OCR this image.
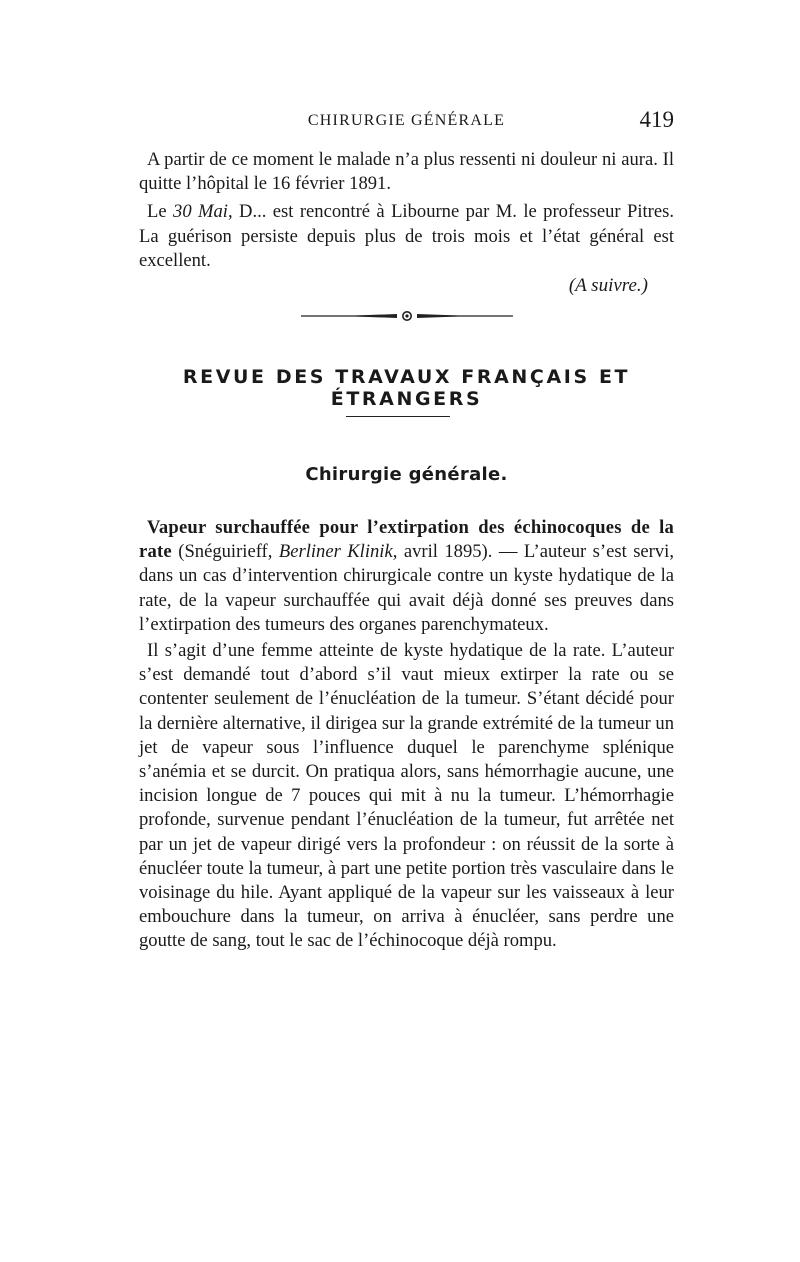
CHIRURGIE GÉNÉRALE	419

A partir de ce moment le malade n’a plus ressenti ni douleur ni aura. Il quitte l’hôpital le 16 février 1891.

Le 30 Mai, D... est rencontré à Libourne par M. le professeur Pitres. La guérison persiste depuis plus de trois mois et l’état général est excellent.

(A suivre.)

REVUE DES TRAVAUX FRANÇAIS ET ÉTRANGERS
Chirurgie générale.

Vapeur surchauffée pour l’extirpation des échinocoques de la rate (Snéguirieff, Berliner Klinik, avril 1895). — L’auteur s’est servi, dans un cas d’intervention chirurgicale contre un kyste hydatique de la rate, de la vapeur surchauffée qui avait déjà donné ses preuves dans l’extirpation des tumeurs des organes parenchymateux.

Il s’agit d’une femme atteinte de kyste hydatique de la rate. L’auteur s’est demandé tout d’abord s’il vaut mieux extirper la rate ou se contenter seulement de l’énucléation de la tumeur. S’étant décidé pour la dernière alternative, il dirigea sur la grande extrémité de la tumeur un jet de vapeur sous l’influence duquel le parenchyme splénique s’anémia et se durcit. On pratiqua alors, sans hémorrhagie aucune, une incision longue de 7 pouces qui mit à nu la tumeur. L’hémorrhagie profonde, survenue pendant l’énucléation de la tumeur, fut arrêtée net par un jet de vapeur dirigé vers la profondeur : on réussit de la sorte à énucléer toute la tumeur, à part une petite portion très vasculaire dans le voisinage du hile. Ayant appliqué de la vapeur sur les vaisseaux à leur embouchure dans la tumeur, on arriva à énucléer, sans perdre une goutte de sang, tout le sac de l’échinocoque déjà rompu.
